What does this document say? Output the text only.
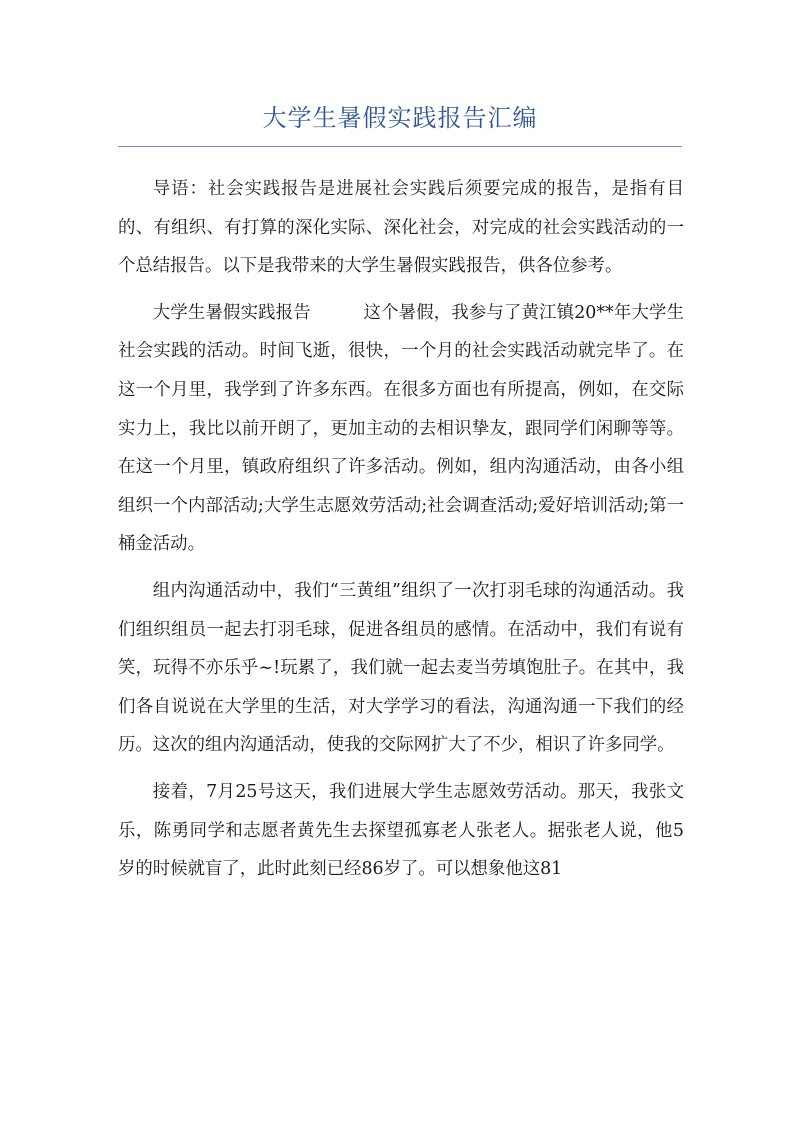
大学生暑假实践报告汇编

导语：社会实践报告是进展社会实践后须要完成的报告，是指有目的、有组织、有打算的深化实际、深化社会，对完成的社会实践活动的一个总结报告。以下是我带来的大学生暑假实践报告，供各位参考。

大学生暑假实践报告　　　这个暑假，我参与了黄江镇20**年大学生社会实践的活动。时间飞逝，很快，一个月的社会实践活动就完毕了。在这一个月里，我学到了许多东西。在很多方面也有所提高，例如，在交际实力上，我比以前开朗了，更加主动的去相识挚友，跟同学们闲聊等等。在这一个月里，镇政府组织了许多活动。例如，组内沟通活动，由各小组组织一个内部活动;大学生志愿效劳活动;社会调查活动;爱好培训活动;第一桶金活动。

组内沟通活动中，我们“三黄组”组织了一次打羽毛球的沟通活动。我们组织组员一起去打羽毛球，促进各组员的感情。在活动中，我们有说有笑，玩得不亦乐乎~!玩累了，我们就一起去麦当劳填饱肚子。在其中，我们各自说说在大学里的生活，对大学学习的看法，沟通沟通一下我们的经历。这次的组内沟通活动，使我的交际网扩大了不少，相识了许多同学。

接着，7月25号这天，我们进展大学生志愿效劳活动。那天，我张文乐，陈勇同学和志愿者黄先生去探望孤寡老人张老人。据张老人说，他5岁的时候就盲了，此时此刻已经86岁了。可以想象他这81
